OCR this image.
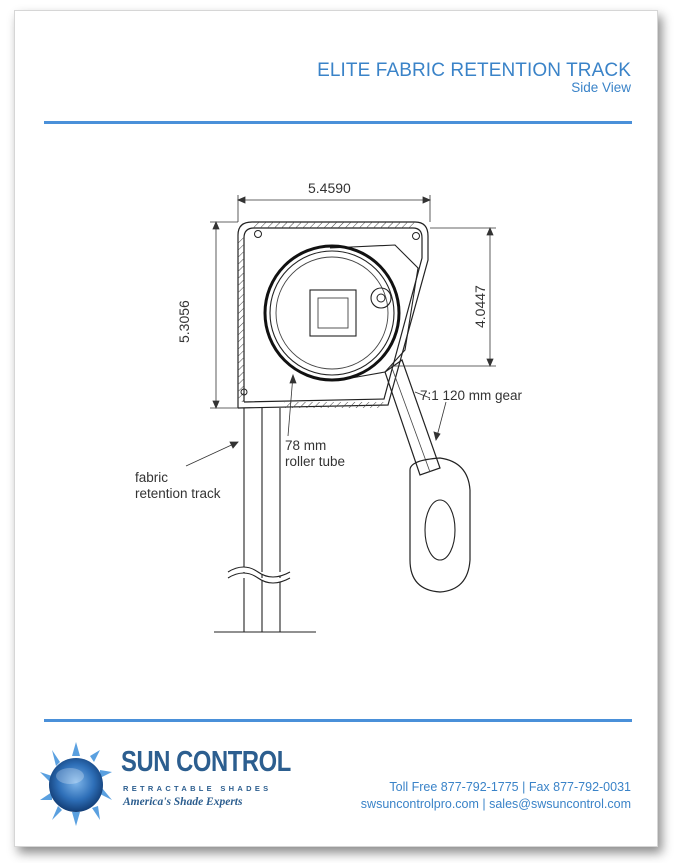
ELITE FABRIC RETENTION TRACK
Side View
5.4590
5.3056	4.0447
7:1 120 mm gear
78 mm
roller tube
fabric
retention track
SUN CONTROL
RETRACTABLE SHADES
America's Shade Experts
Toll Free 877-792-1775 | Fax 877-792-0031
swsuncontrolpro.com | sales@swsuncontrol.com
